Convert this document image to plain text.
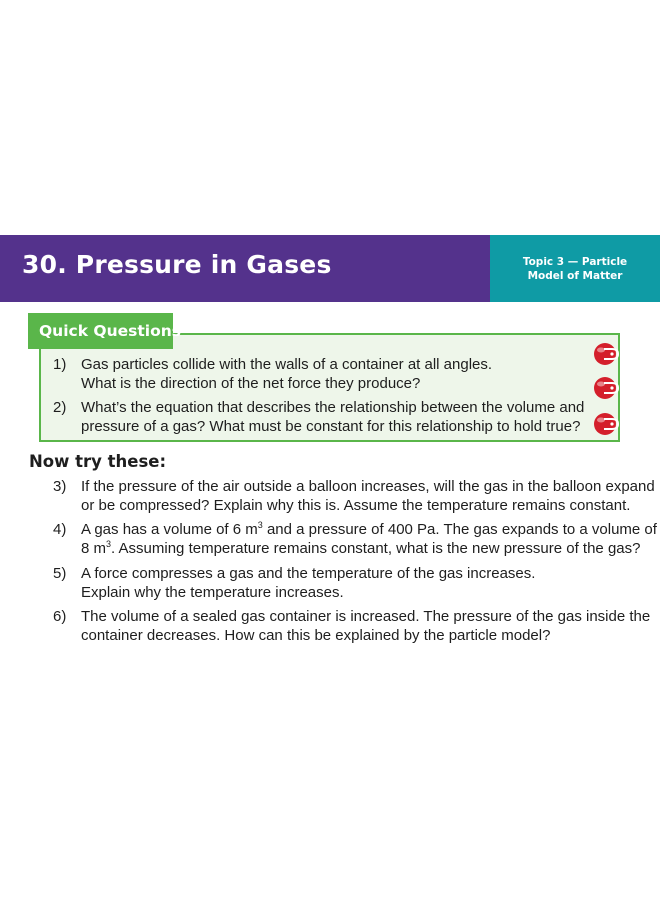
30. Pressure in Gases	Topic 3 — Particle
Model of Matter
Quick Questions
1) Gas particles collide with the walls of a container at all angles.
What is the direction of the net force they produce?
2) What’s the equation that describes the relationship between the volume and
pressure of a gas? What must be constant for this relationship to hold true?
Now try these:
3) If the pressure of the air outside a balloon increases, will the gas in the balloon expand
or be compressed? Explain why this is. Assume the temperature remains constant.
4) A gas has a volume of 6 $m^3$ and a pressure of 400 Pa. The gas expands to a volume of
8 $m^3$. Assuming temperature remains constant, what is the new pressure of the gas?
5) A force compresses a gas and the temperature of the gas increases.
Explain why the temperature increases.
6) The volume of a sealed gas container is increased. The pressure of the gas inside the
container decreases. How can this be explained by the particle model?
